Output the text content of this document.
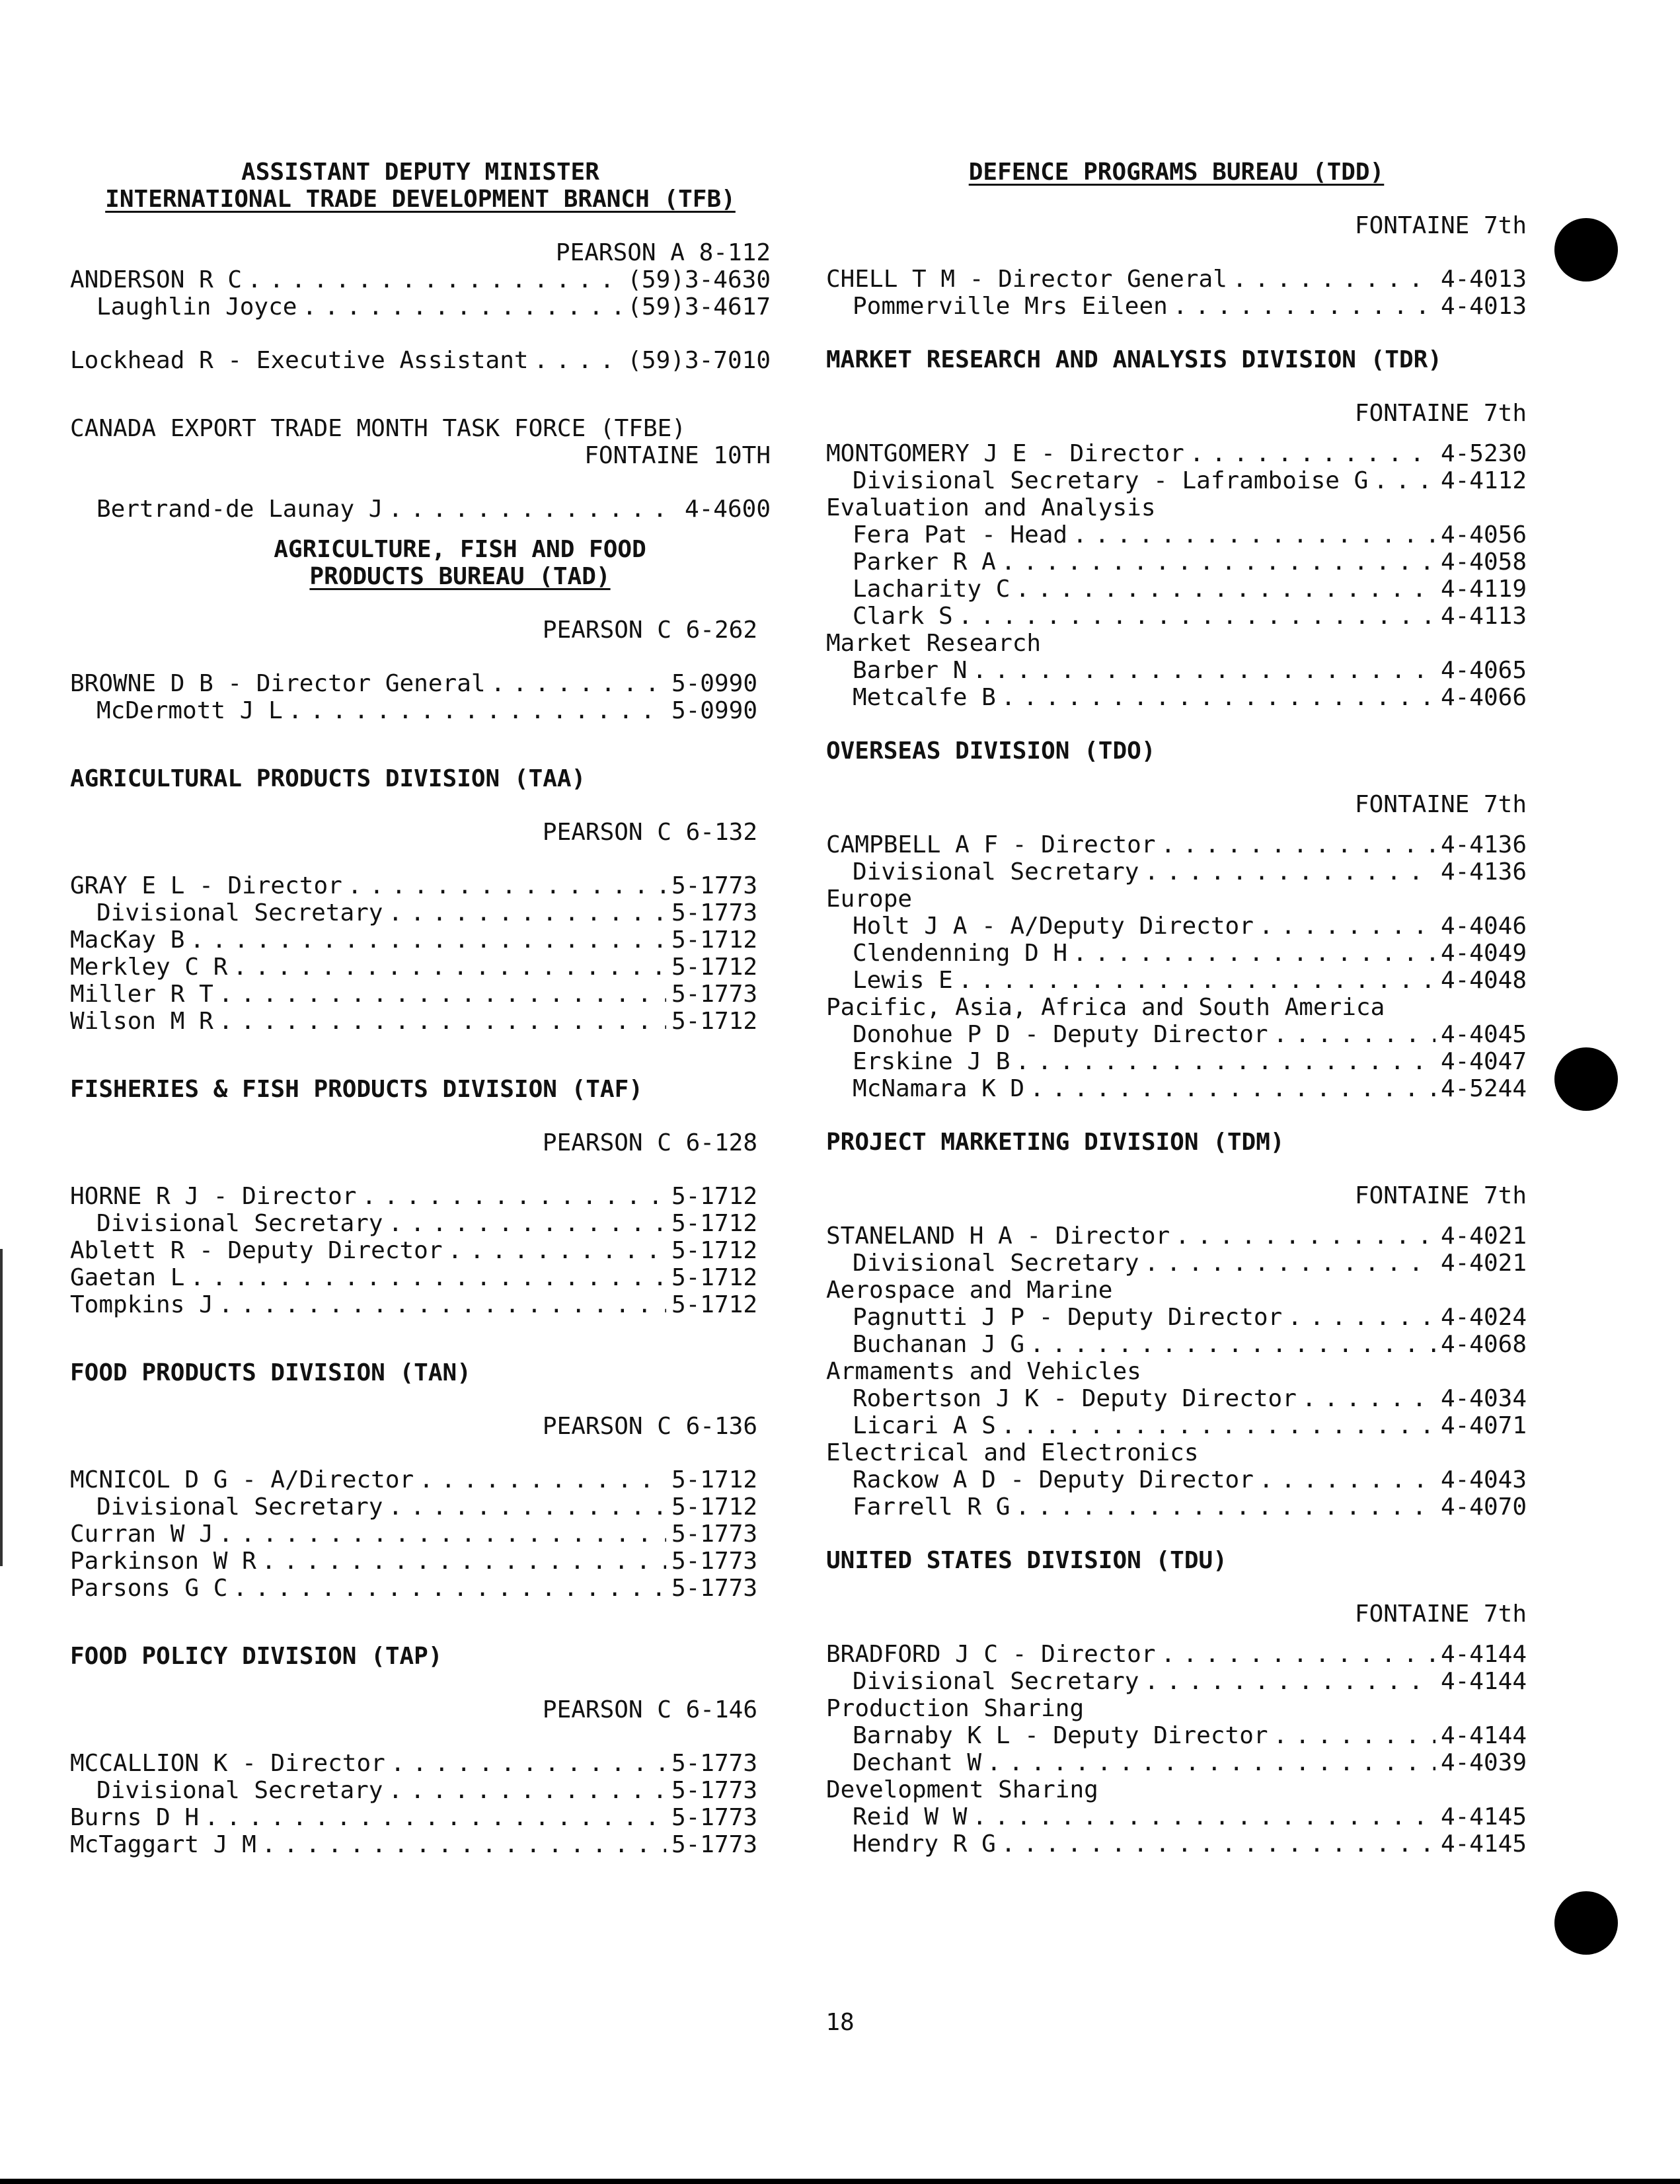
ASSISTANT DEPUTY MINISTER
INTERNATIONAL TRADE DEVELOPMENT BRANCH (TFB)
PEARSON A 8-112
ANDERSON R C . . .	(59)3-4630
Laughlin Joyce . . .	(59)3-4617
Lockhead R - Executive Assistant . . .	(59)3-7010
CANADA EXPORT TRADE MONTH TASK FORCE (TFBE)
FONTAINE 10TH
Bertrand-de Launay J . . .	4-4600
AGRICULTURE, FISH AND FOOD
PRODUCTS BUREAU (TAD)
PEARSON C 6-262
BROWNE D B - Director General . . .	5-0990
McDermott J L . . .	5-0990
AGRICULTURAL PRODUCTS DIVISION (TAA)
PEARSON C 6-132
GRAY E L - Director . . .	5-1773
Divisional Secretary . . .	5-1773
MacKay B . . .	5-1712
Merkley C R . . .	5-1712
Miller R T . . .	5-1773
Wilson M R . . .	5-1712
FISHERIES & FISH PRODUCTS DIVISION (TAF)
PEARSON C 6-128
HORNE R J - Director . . .	5-1712
Divisional Secretary . . .	5-1712
Ablett R - Deputy Director . . .	5-1712
Gaetan L . . .	5-1712
Tompkins J . . .	5-1712
FOOD PRODUCTS DIVISION (TAN)
PEARSON C 6-136
MCNICOL D G - A/Director . . .	5-1712
Divisional Secretary . . .	5-1712
Curran W J . . .	5-1773
Parkinson W R . . .	5-1773
Parsons G C . . .	5-1773
FOOD POLICY DIVISION (TAP)
PEARSON C 6-146
MCCALLION K - Director . . .	5-1773
Divisional Secretary . . .	5-1773
Burns D H . . .	5-1773
McTaggart J M . . .	5-1773
DEFENCE PROGRAMS BUREAU (TDD)
FONTAINE 7th
CHELL T M - Director General . . .	4-4013
Pommerville Mrs Eileen . . .	4-4013
MARKET RESEARCH AND ANALYSIS DIVISION (TDR)
FONTAINE 7th
MONTGOMERY J E - Director . . .	4-5230
Divisional Secretary - Laframboise G . . .	4-4112
Evaluation and Analysis
Fera Pat - Head . . .	4-4056
Parker R A . . .	4-4058
Lacharity C . . .	4-4119
Clark S . . .	4-4113
Market Research
Barber N . . .	4-4065
Metcalfe B . . .	4-4066
OVERSEAS DIVISION (TDO)
FONTAINE 7th
CAMPBELL A F - Director . . .	4-4136
Divisional Secretary . . .	4-4136
Europe
Holt J A - A/Deputy Director . . .	4-4046
Clendenning D H . . .	4-4049
Lewis E . . .	4-4048
Pacific, Asia, Africa and South America
Donohue P D - Deputy Director . . .	4-4045
Erskine J B . . .	4-4047
McNamara K D . . .	4-5244
PROJECT MARKETING DIVISION (TDM)
FONTAINE 7th
STANELAND H A - Director . . .	4-4021
Divisional Secretary . . .	4-4021
Aerospace and Marine
Pagnutti J P - Deputy Director . . .	4-4024
Buchanan J G . . .	4-4068
Armaments and Vehicles
Robertson J K - Deputy Director . . .	4-4034
Licari A S . . .	4-4071
Electrical and Electronics
Rackow A D - Deputy Director . . .	4-4043
Farrell R G . . .	4-4070
UNITED STATES DIVISION (TDU)
FONTAINE 7th
BRADFORD J C - Director . . .	4-4144
Divisional Secretary . . .	4-4144
Production Sharing
Barnaby K L - Deputy Director . . .	4-4144
Dechant W . . .	4-4039
Development Sharing
Reid W W . . .	4-4145
Hendry R G . . .	4-4145
18
